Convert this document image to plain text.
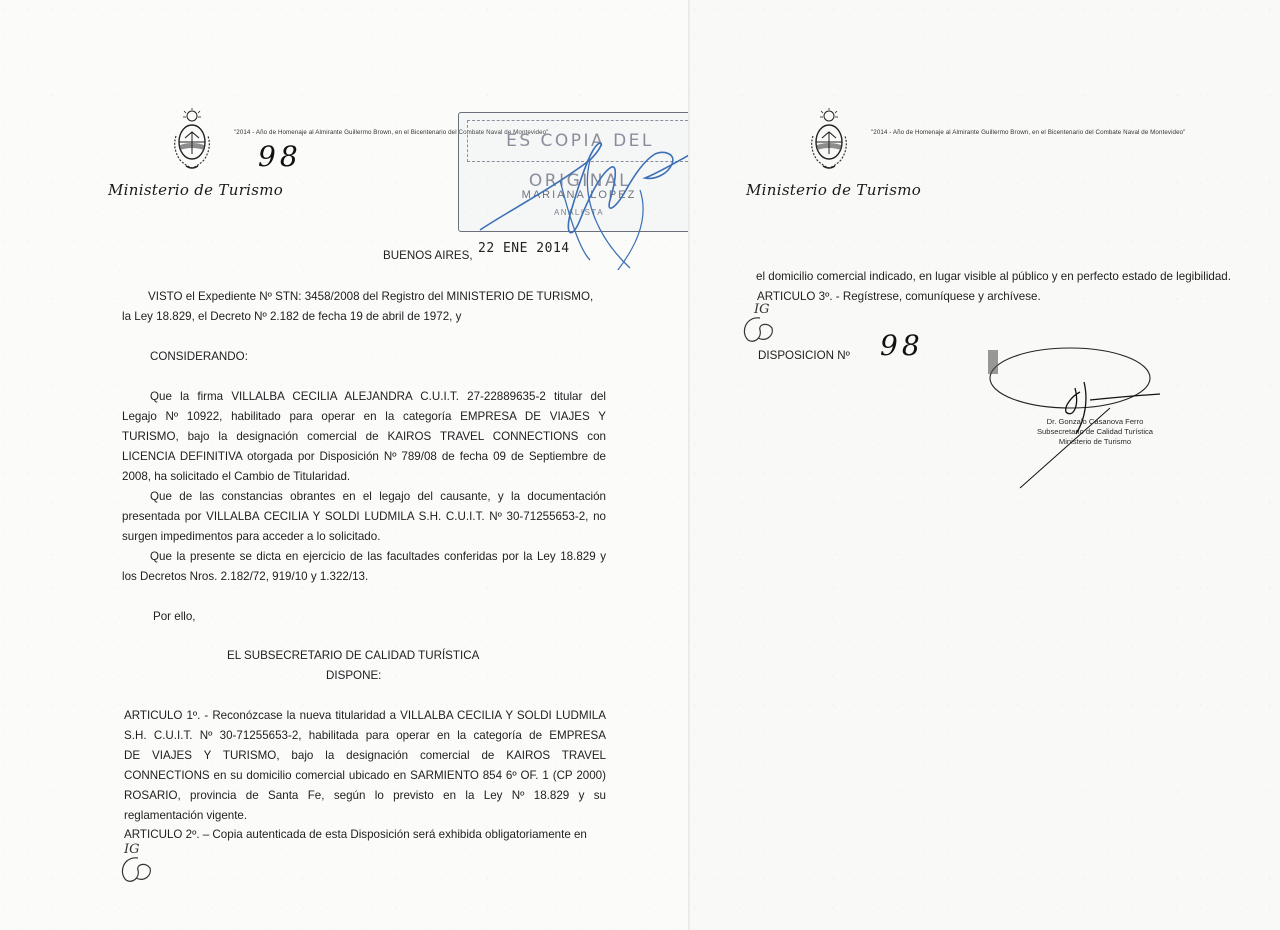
"2014 - Año de Homenaje al Almirante Guillermo Brown, en el Bicentenario del Combate Naval de Montevideo"
98
Ministerio de Turismo
ES COPIA DEL ORIGINAL
MARIANA LOPEZ
ANALISTA
BUENOS AIRES, 22 ENE 2014
VISTO el Expediente Nº STN: 3458/2008 del Registro del MINISTERIO DE TURISMO,
la Ley 18.829, el Decreto Nº 2.182 de fecha 19 de abril de 1972, y
CONSIDERANDO:
Que la firma VILLALBA CECILIA ALEJANDRA C.U.I.T. 27-22889635-2 titular del
Legajo Nº 10922, habilitado para operar en la categoría EMPRESA DE VIAJES Y
TURISMO, bajo la designación comercial de KAIROS TRAVEL CONNECTIONS con
LICENCIA DEFINITIVA otorgada por Disposición Nº 789/08 de fecha 09 de Septiembre de
2008, ha solicitado el Cambio de Titularidad.
Que de las constancias obrantes en el legajo del causante, y la documentación
presentada por VILLALBA CECILIA Y SOLDI LUDMILA S.H. C.U.I.T. Nº 30-71255653-2, no
surgen impedimentos para acceder a lo solicitado.
Que la presente se dicta en ejercicio de las facultades conferidas por la Ley 18.829 y
los Decretos Nros. 2.182/72, 919/10 y 1.322/13.
Por ello,
EL SUBSECRETARIO DE CALIDAD TURÍSTICA
DISPONE:
ARTICULO 1º. - Reconózcase la nueva titularidad a VILLALBA CECILIA Y SOLDI LUDMILA
S.H. C.U.I.T. Nº 30-71255653-2, habilitada para operar en la categoría de EMPRESA
DE VIAJES Y TURISMO, bajo la designación comercial de KAIROS TRAVEL
CONNECTIONS en su domicilio comercial ubicado en SARMIENTO 854 6º OF. 1 (CP 2000)
ROSARIO, provincia de Santa Fe, según lo previsto en la Ley Nº 18.829 y su
reglamentación vigente.
ARTICULO 2º. – Copia autenticada de esta Disposición será exhibida obligatoriamente en
IG
"2014 - Año de Homenaje al Almirante Guillermo Brown, en el Bicentenario del Combate Naval de Montevideo"
Ministerio de Turismo
el domicilio comercial indicado, en lugar visible al público y en perfecto estado de legibilidad.
ARTICULO 3º. - Regístrese, comuníquese y archívese.
IG
DISPOSICION Nº 98
Dr. Gonzalo Casanova Ferro
Subsecretario de Calidad Turística
Ministerio de Turismo
